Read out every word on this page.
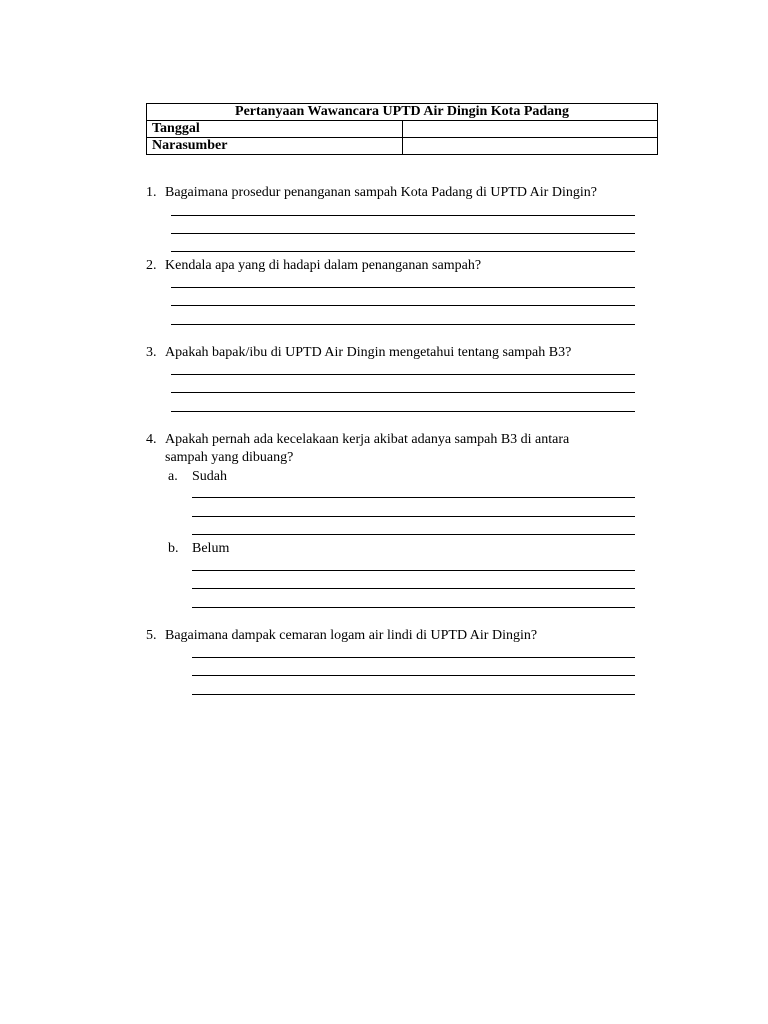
Pertanyaan Wawancara UPTD Air Dingin Kota Padang	
Tanggal	
Narasumber	
1. Bagaimana prosedur penanganan sampah Kota Padang di UPTD Air Dingin?
2. Kendala apa yang di hadapi dalam penanganan sampah?
3. Apakah bapak/ibu di UPTD Air Dingin mengetahui tentang sampah B3?
4. Apakah pernah ada kecelakaan kerja akibat adanya sampah B3 di antara
sampah yang dibuang?
a. Sudah
b. Belum
5. Bagaimana dampak cemaran logam air lindi di UPTD Air Dingin?
